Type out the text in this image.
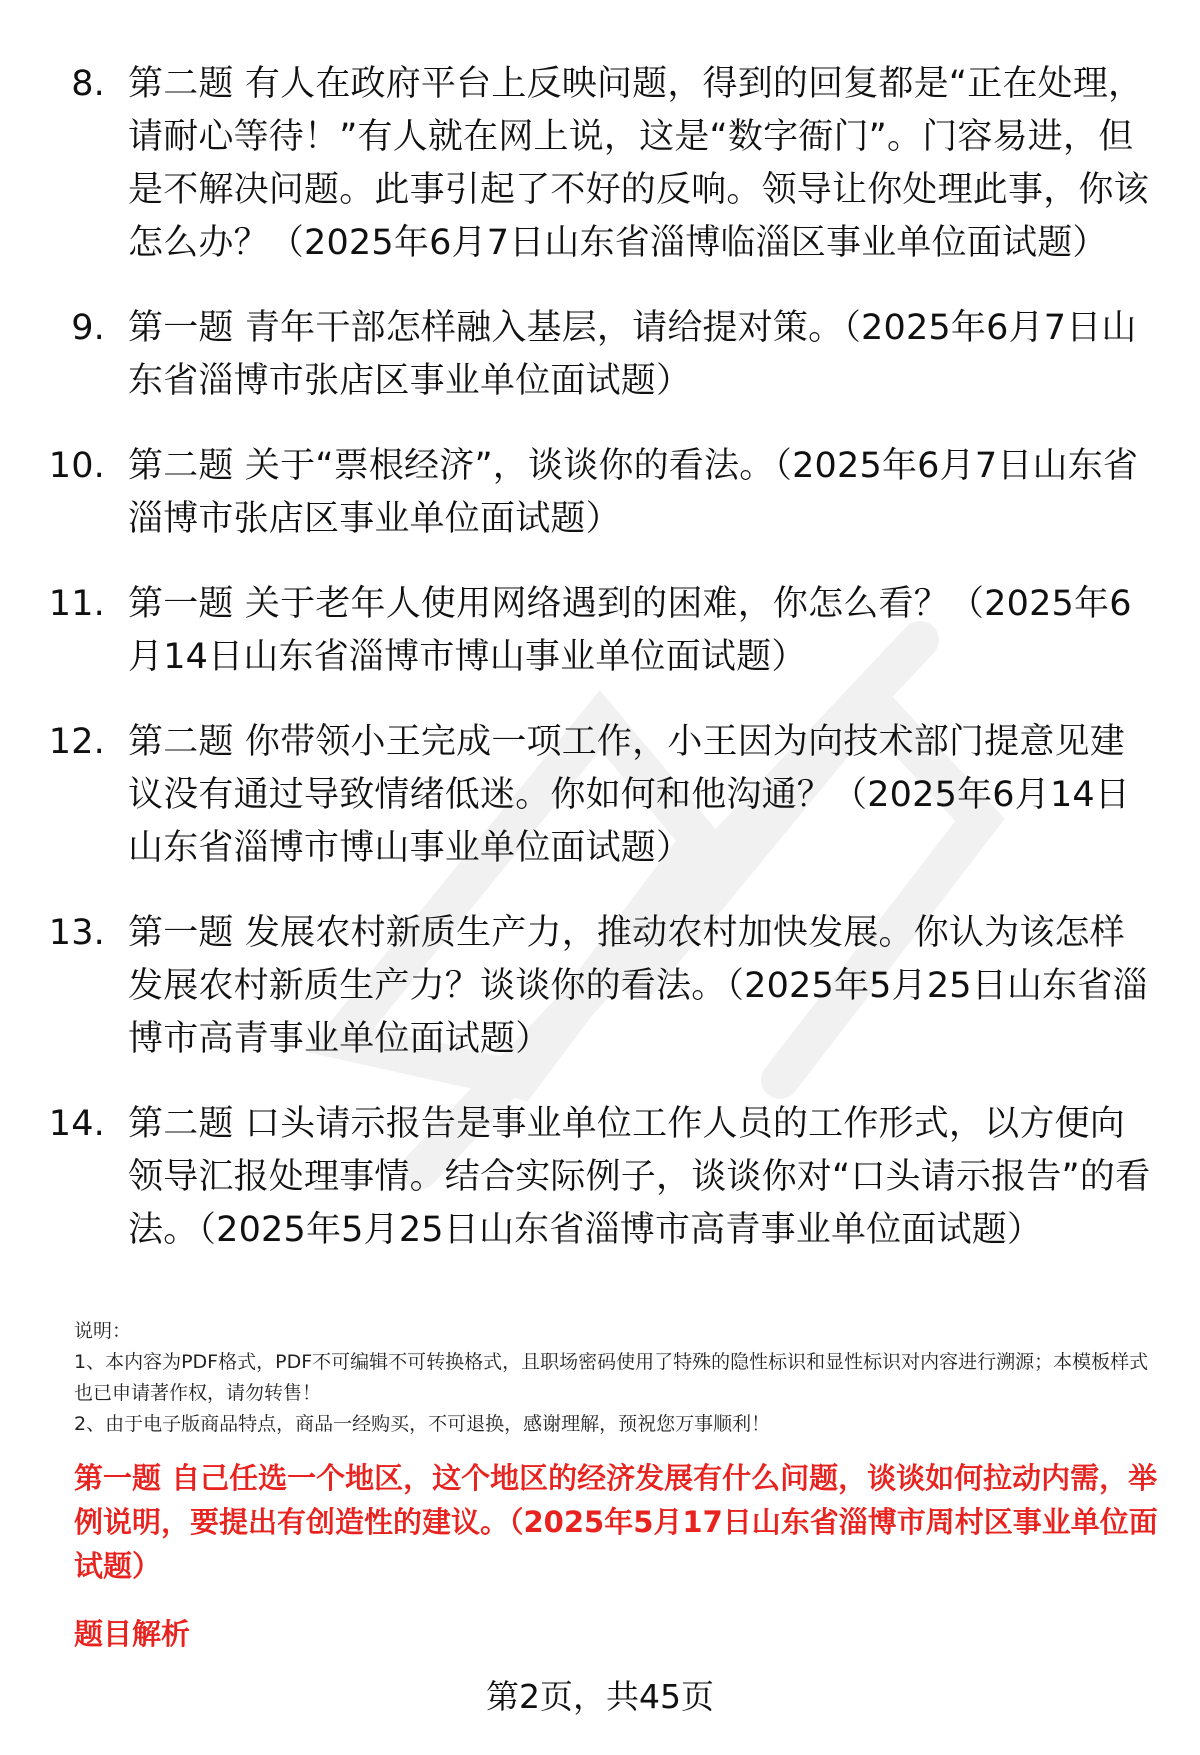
8. 第二题 有人在政府平台上反映问题，得到的回复都是“正在处理，请耐心等待！”有人就在网上说，这是“数字衙门”。门容易进，但是不解决问题。此事引起了不好的反响。领导让你处理此事，你该怎么办？（2025年6月7日山东省淄博临淄区事业单位面试题）
9. 第一题 青年干部怎样融入基层，请给提对策。（2025年6月7日山东省淄博市张店区事业单位面试题）
10. 第二题 关于“票根经济”，谈谈你的看法。（2025年6月7日山东省淄博市张店区事业单位面试题）
11. 第一题 关于老年人使用网络遇到的困难，你怎么看？（2025年6月14日山东省淄博市博山事业单位面试题）
12. 第二题 你带领小王完成一项工作，小王因为向技术部门提意见建议没有通过导致情绪低迷。你如何和他沟通？（2025年6月14日山东省淄博市博山事业单位面试题）
13. 第一题 发展农村新质生产力，推动农村加快发展。你认为该怎样发展农村新质生产力？谈谈你的看法。（2025年5月25日山东省淄博市高青事业单位面试题）
14. 第二题 口头请示报告是事业单位工作人员的工作形式，以方便向领导汇报处理事情。结合实际例子，谈谈你对“口头请示报告”的看法。（2025年5月25日山东省淄博市高青事业单位面试题）
说明：
1、本内容为PDF格式，PDF不可编辑不可转换格式，且职场密码使用了特殊的隐性标识和显性标识对内容进行溯源；本模板样式也已申请著作权，请勿转售！
2、由于电子版商品特点，商品一经购买，不可退换，感谢理解，预祝您万事顺利！
第一题 自己任选一个地区，这个地区的经济发展有什么问题，谈谈如何拉动内需，举例说明，要提出有创造性的建议。（2025年5月17日山东省淄博市周村区事业单位面试题）
题目解析
第2页，共45页
